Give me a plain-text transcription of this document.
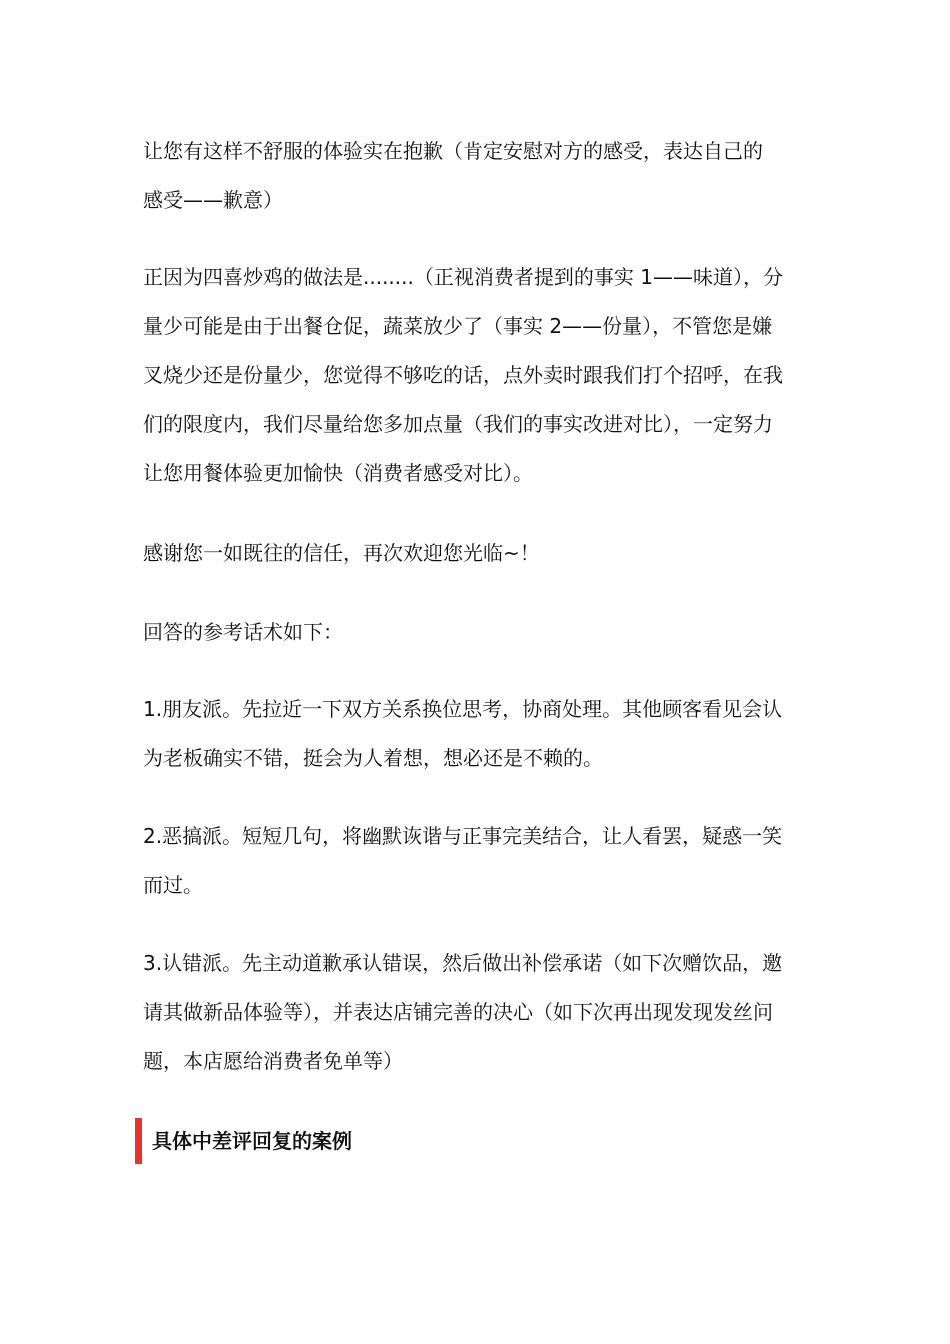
让您有这样不舒服的体验实在抱歉（肯定安慰对方的感受，表达自己的
感受——歉意）

正因为四喜炒鸡的做法是........（正视消费者提到的事实 1——味道），分
量少可能是由于出餐仓促，蔬菜放少了（事实 2——份量），不管您是嫌
叉烧少还是份量少，您觉得不够吃的话，点外卖时跟我们打个招呼，在我
们的限度内，我们尽量给您多加点量（我们的事实改进对比），一定努力
让您用餐体验更加愉快（消费者感受对比）。

感谢您一如既往的信任，再次欢迎您光临~！

回答的参考话术如下：

1.朋友派。先拉近一下双方关系换位思考，协商处理。其他顾客看见会认
为老板确实不错，挺会为人着想，想必还是不赖的。

2.恶搞派。短短几句，将幽默诙谐与正事完美结合，让人看罢，疑惑一笑
而过。

3.认错派。先主动道歉承认错误，然后做出补偿承诺（如下次赠饮品，邀
请其做新品体验等），并表达店铺完善的决心（如下次再出现发现发丝问
题，本店愿给消费者免单等）

具体中差评回复的案例
